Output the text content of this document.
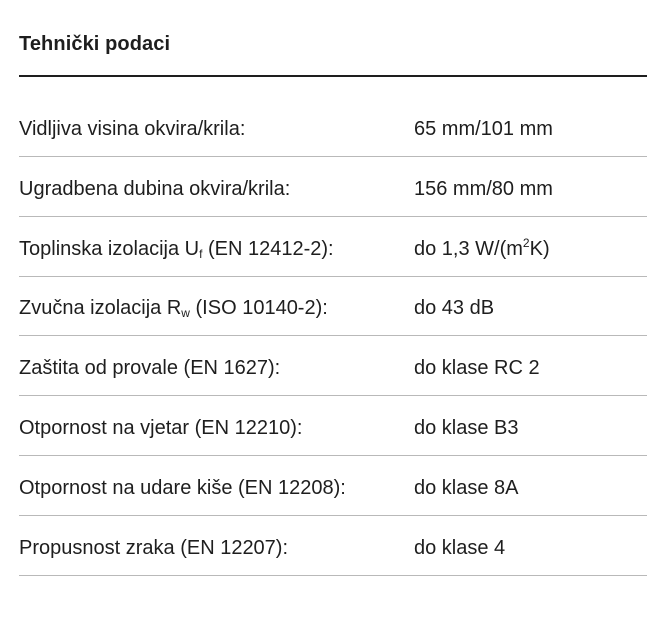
Tehnički podaci
Vidljiva visina okvira/krila:	65 mm/101 mm
Ugradbena dubina okvira/krila:	156 mm/80 mm
Toplinska izolacija $U_f$ (EN 12412-2):	do 1,3 $W/(m^2K)$
Zvučna izolacija $R_w$ (ISO 10140-2):	do 43 dB
Zaštita od provale (EN 1627):	do klase RC 2
Otpornost na vjetar (EN 12210):	do klase B3
Otpornost na udare kiše (EN 12208):	do klase 8A
Propusnost zraka (EN 12207):	do klase 4
